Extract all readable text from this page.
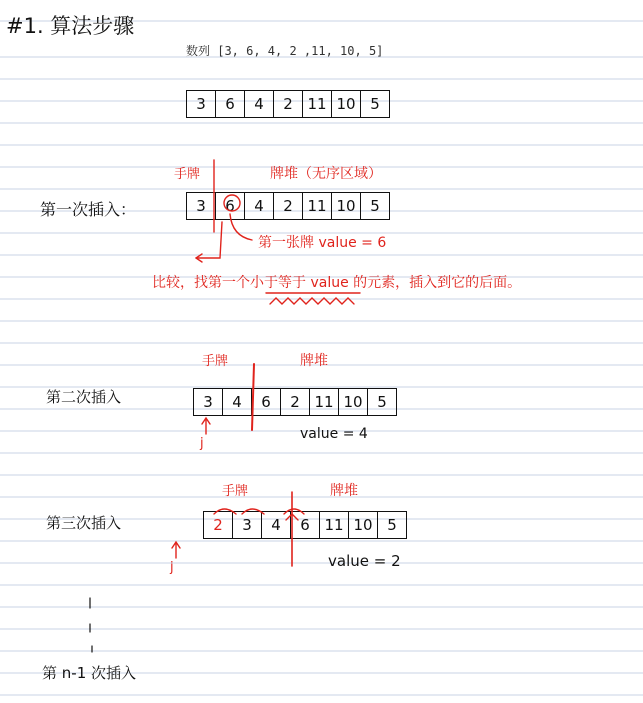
#1. 算法步骤
数列 [3, 6, 4, 2 ,11, 10, 5]
3	6	4	2 11 10 5
手牌	牌堆（无序区域）
第一次插入：	3	6	4	2 11 10 5
第一张牌 value = 6
比较，找第一个小于等于 value 的元素，插入到它的后面。
手牌	牌堆
第二次插入	3	4	6	2 11 10 5
value = 4
j
手牌	牌堆
第三次插入	2	3	4	6 11 10 5
value = 2
j
第 n-1 次插入
